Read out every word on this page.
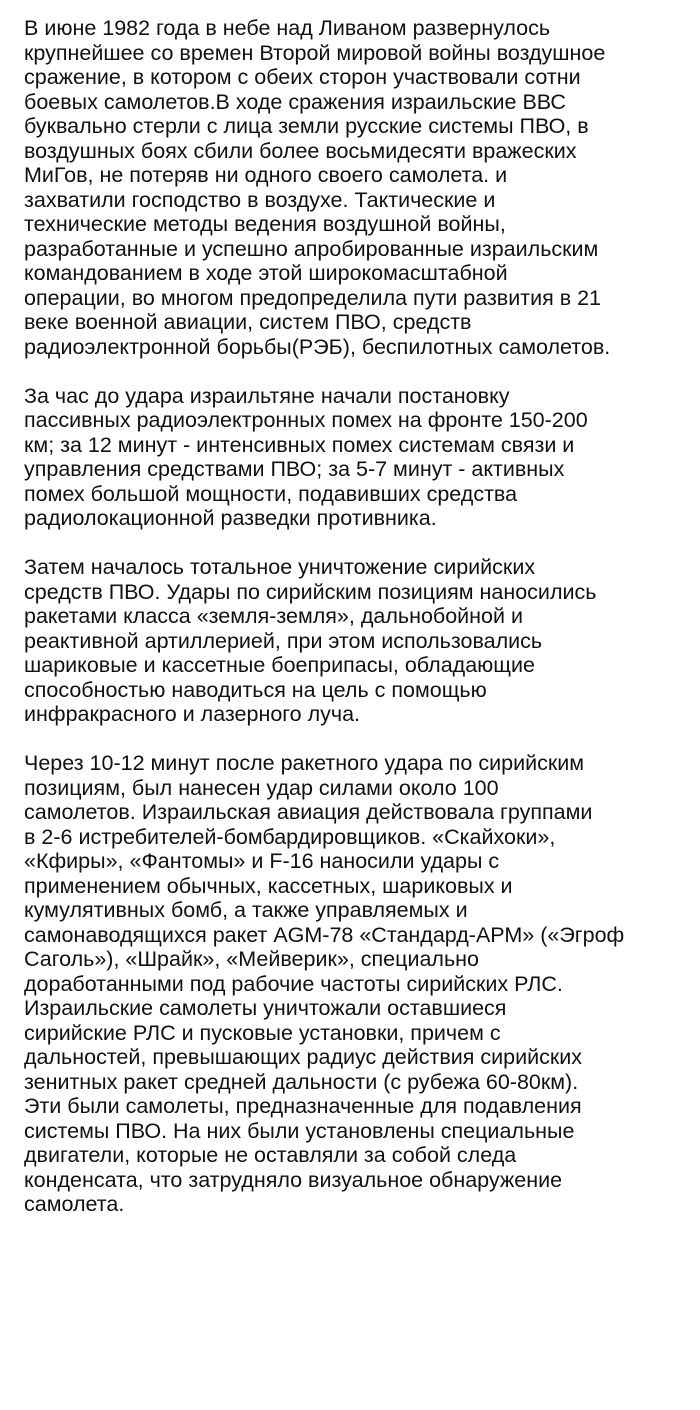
В июне 1982 года в небе над Ливаном развернулось
крупнейшее со времен Второй мировой войны воздушное
сражение, в котором с обеих сторон участвовали сотни
боевых самолетов.В ходе сражения израильские ВВС
буквально стерли с лица земли русские системы ПВО, в
воздушных боях сбили более восьмидесяти вражеских
МиГов, не потеряв ни одного своего самолета. и
захватили господство в воздухе. Тактические и
технические методы ведения воздушной войны,
разработанные и успешно апробированные израильским
командованием в ходе этой широкомасштабной
операции, во многом предопределила пути развития в 21
веке военной авиации, систем ПВО, средств
радиоэлектронной борьбы(РЭБ), беспилотных самолетов.

За час до удара израильтяне начали постановку
пассивных радиоэлектронных помех на фронте 150-200
км; за 12 минут - интенсивных помех системам связи и
управления средствами ПВО; за 5-7 минут - активных
помех большой мощности, подавивших средства
радиолокационной разведки противника.

Затем началось тотальное уничтожение сирийских
средств ПВО. Удары по сирийским позициям наносились
ракетами класса «земля-земля», дальнобойной и
реактивной артиллерией, при этом использовались
шариковые и кассетные боеприпасы, обладающие
способностью наводиться на цель с помощью
инфракрасного и лазерного луча.

Через 10-12 минут после ракетного удара по сирийским
позициям, был нанесен удар силами около 100
самолетов. Израильская авиация действовала группами
в 2-6 истребителей-бомбардировщиков. «Скайхоки»,
«Кфиры», «Фантомы» и F-16 наносили удары с
применением обычных, кассетных, шариковых и
кумулятивных бомб, а также управляемых и
самонаводящихся ракет AGM-78 «Стандард-АРМ» («Эгроф
Саголь»), «Шрайк», «Мейверик», специально
доработанными под рабочие частоты сирийских РЛС.
Израильские самолеты уничтожали оставшиеся
сирийские РЛС и пусковые установки, причем с
дальностей, превышающих радиус действия сирийских
зенитных ракет средней дальности (с рубежа 60-80км).
Эти были самолеты, предназначенные для подавления
системы ПВО. На них были установлены специальные
двигатели, которые не оставляли за собой следа
конденсата, что затрудняло визуальное обнаружение
самолета.
